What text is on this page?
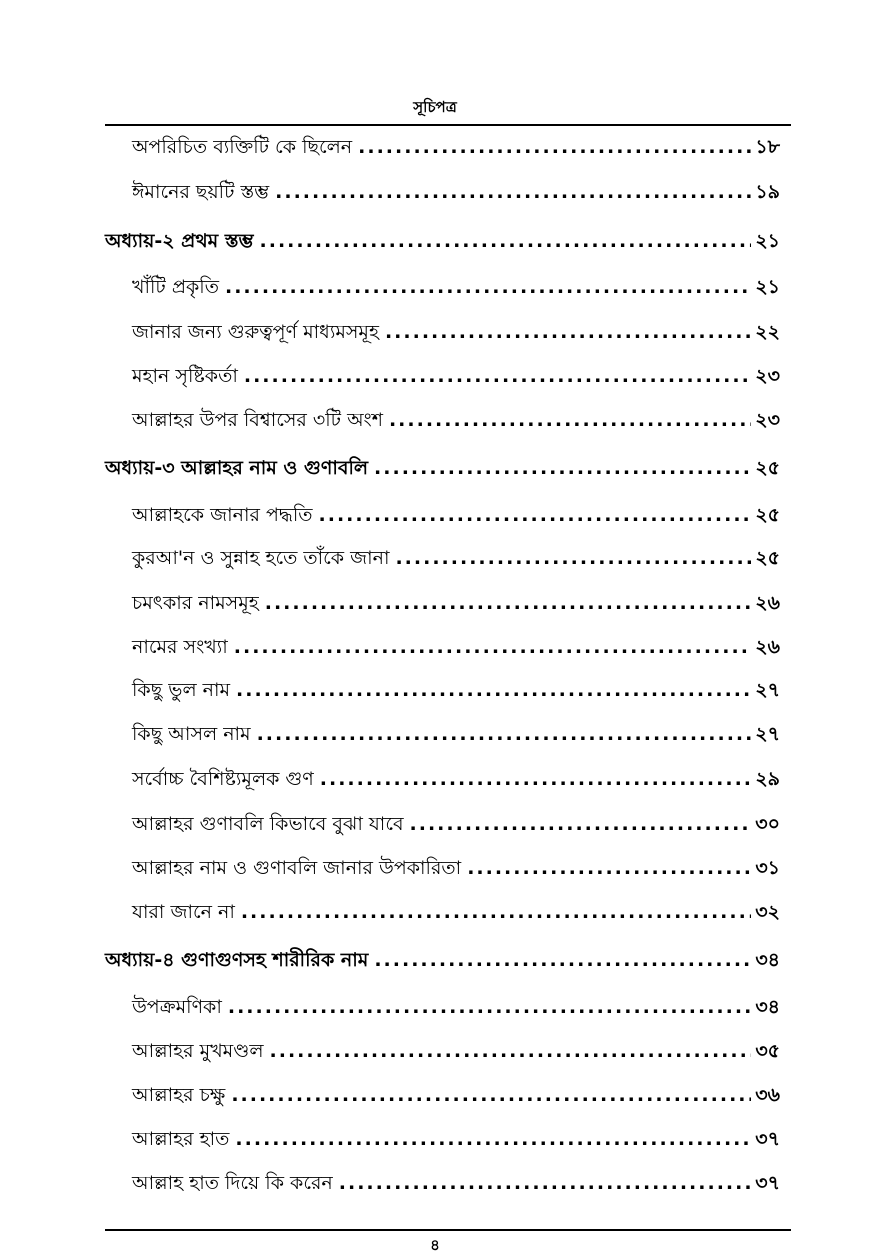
সূচিপত্র
অপরিচিত ব্যক্তিটি কে ছিলেন .....	১৮
ঈমানের ছয়টি স্তম্ভ .....	১৯
অধ্যায়-২ প্রথম স্তম্ভ .....	২১
খাঁটি প্রকৃতি .....	২১
জানার জন্য গুরুত্বপূর্ণ মাধ্যমসমূহ .....	২২
মহান সৃষ্টিকর্তা .....	২৩
আল্লাহর উপর বিশ্বাসের ৩টি অংশ .....	২৩
অধ্যায়-৩ আল্লাহর নাম ও গুণাবলি .....	২৫
আল্লাহকে জানার পদ্ধতি .....	২৫
কুরআ'ন ও সুন্নাহ হতে তাঁকে জানা .....	২৫
চমৎকার নামসমূহ .....	২৬
নামের সংখ্যা .....	২৬
কিছু ভুল নাম .....	২৭
কিছু আসল নাম .....	২৭
সর্বোচ্চ বৈশিষ্ট্যমূলক গুণ .....	২৯
আল্লাহর গুণাবলি কিভাবে বুঝা যাবে .....	৩০
আল্লাহর নাম ও গুণাবলি জানার উপকারিতা .....	৩১
যারা জানে না .....	৩২
অধ্যায়-৪ গুণাগুণসহ শারীরিক নাম .....	৩৪
উপক্রমণিকা .....	৩৪
আল্লাহর মুখমণ্ডল .....	৩৫
আল্লাহর চক্ষু .....	৩৬
আল্লাহর হাত .....	৩৭
আল্লাহ হাত দিয়ে কি করেন .....	৩৭
৪
